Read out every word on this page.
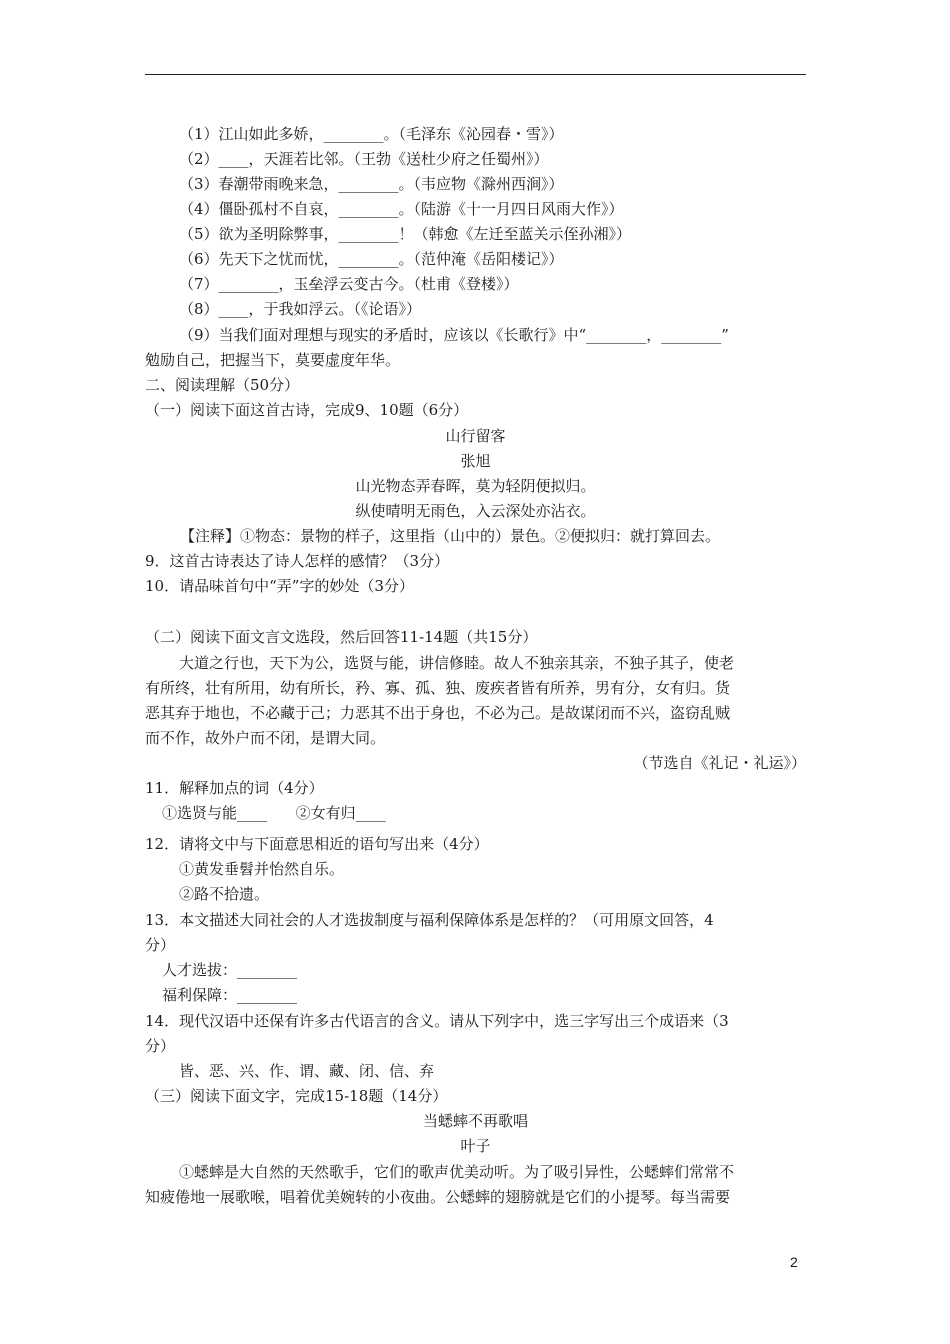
（1）江山如此多娇，________。（毛泽东《沁园春・雪》）
（2）____，天涯若比邻。（王勃《送杜少府之任蜀州》）
（3）春潮带雨晚来急，________。（韦应物《滁州西涧》）
（4）僵卧孤村不自哀，________。（陆游《十一月四日风雨大作》）
（5）欲为圣明除弊事，________！（韩愈《左迁至蓝关示侄孙湘》）
（6）先天下之忧而忧，________。（范仲淹《岳阳楼记》）
（7）________，玉垒浮云变古今。（杜甫《登楼》）
（8）____，于我如浮云。（《论语》）
（9）当我们面对理想与现实的矛盾时，应该以《长歌行》中“________，________”
勉励自己，把握当下，莫要虚度年华。
二、阅读理解（50分）
（一）阅读下面这首古诗，完成9、10题（6分）
山行留客
张旭
山光物态弄春晖，莫为轻阴便拟归。
纵使晴明无雨色，入云深处亦沾衣。
【注释】①物态：景物的样子，这里指（山中的）景色。②便拟归：就打算回去。
9．这首古诗表达了诗人怎样的感情？（3分）
10．请品味首句中“弄”字的妙处（3分）
（二）阅读下面文言文选段，然后回答11-14题（共15分）
大道之行也，天下为公，选贤与能，讲信修睦。故人不独亲其亲，不独子其子，使老
有所终，壮有所用，幼有所长，矜、寡、孤、独、废疾者皆有所养，男有分，女有归。货
恶其弃于地也，不必藏于己；力恶其不出于身也，不必为己。是故谋闭而不兴，盗窃乱贼
而不作，故外户而不闭，是谓大同。
（节选自《礼记・礼运》）
11．解释加点的词（4分）
①选贤与能____      ②女有归____
12．请将文中与下面意思相近的语句写出来（4分）
①黄发垂髫并怡然自乐。
②路不拾遗。
13．本文描述大同社会的人才选拔制度与福利保障体系是怎样的？（可用原文回答，4
分）
人才选拔：________
福利保障：________
14．现代汉语中还保有许多古代语言的含义。请从下列字中，选三字写出三个成语来（3
分）
皆、恶、兴、作、谓、藏、闭、信、弃
（三）阅读下面文字，完成15-18题（14分）
当蟋蟀不再歌唱
叶子
①蟋蟀是大自然的天然歌手，它们的歌声优美动听。为了吸引异性，公蟋蟀们常常不
知疲倦地一展歌喉，唱着优美婉转的小夜曲。公蟋蟀的翅膀就是它们的小提琴。每当需要
2
